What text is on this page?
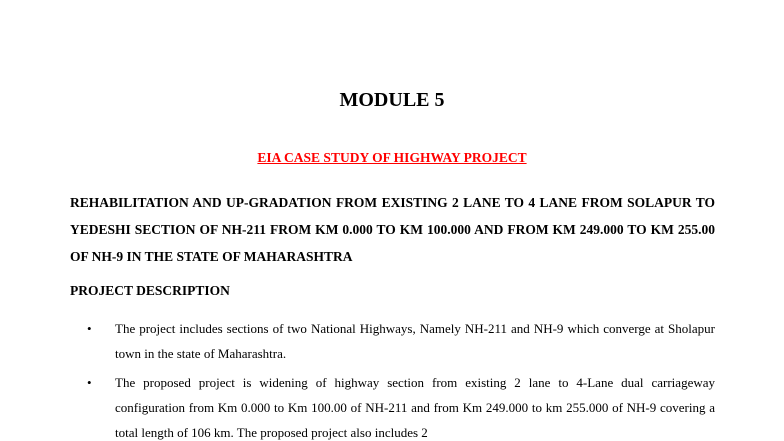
MODULE 5
EIA CASE STUDY OF HIGHWAY PROJECT
REHABILITATION AND UP-GRADATION FROM EXISTING 2 LANE TO 4 LANE FROM SOLAPUR TO YEDESHI SECTION OF NH-211 FROM KM 0.000 TO KM 100.000 AND FROM KM 249.000 TO KM 255.00 OF NH-9 IN THE STATE OF MAHARASHTRA
PROJECT DESCRIPTION
• The project includes sections of two National Highways, Namely NH-211 and NH-9 which converge at Sholapur town in the state of Maharashtra.
• The proposed project is widening of highway section from existing 2 lane to 4-Lane dual carriageway configuration from Km 0.000 to Km 100.00 of NH-211 and from Km 249.000 to km 255.000 of NH-9 covering a total length of 106 km. The proposed project also includes 2
